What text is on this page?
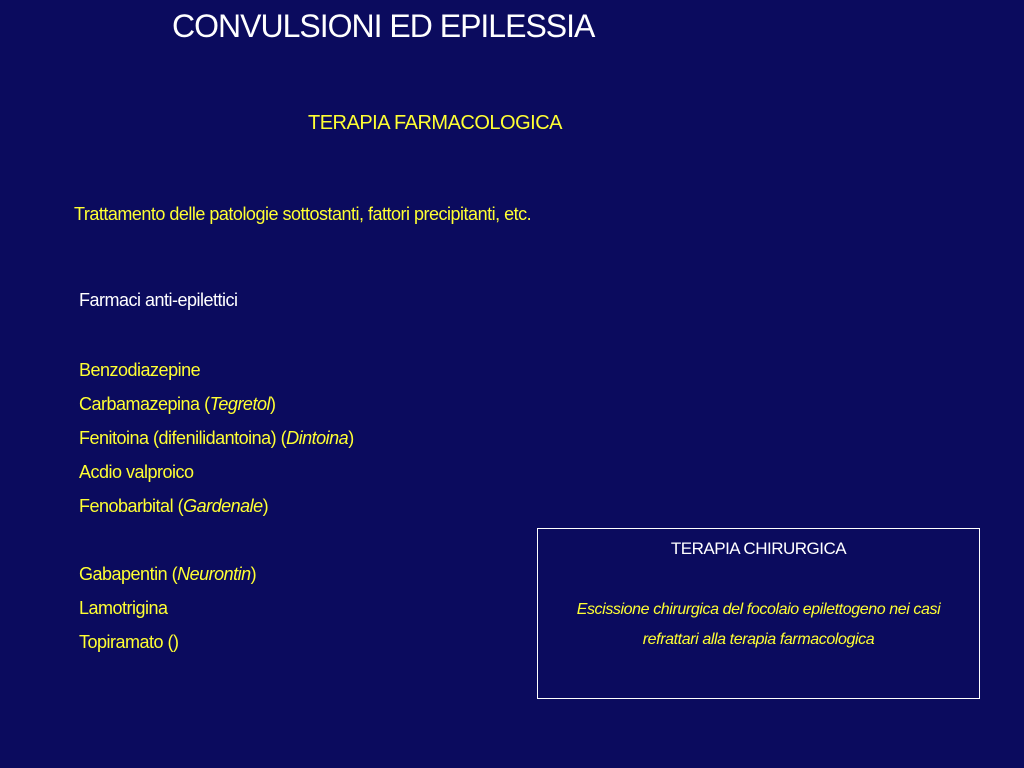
CONVULSIONI ED EPILESSIA
TERAPIA FARMACOLOGICA
Trattamento delle patologie sottostanti, fattori precipitanti, etc.
Farmaci anti-epilettici
Benzodiazepine
Carbamazepina (Tegretol)
Fenitoina (difenilidantoina) (Dintoina)
Acdio valproico
Fenobarbital (Gardenale)
Gabapentin (Neurontin)
Lamotrigina
Topiramato ()
TERAPIA CHIRURGICA
Escissione chirurgica del focolaio epilettogeno nei casi
refrattari alla terapia farmacologica
